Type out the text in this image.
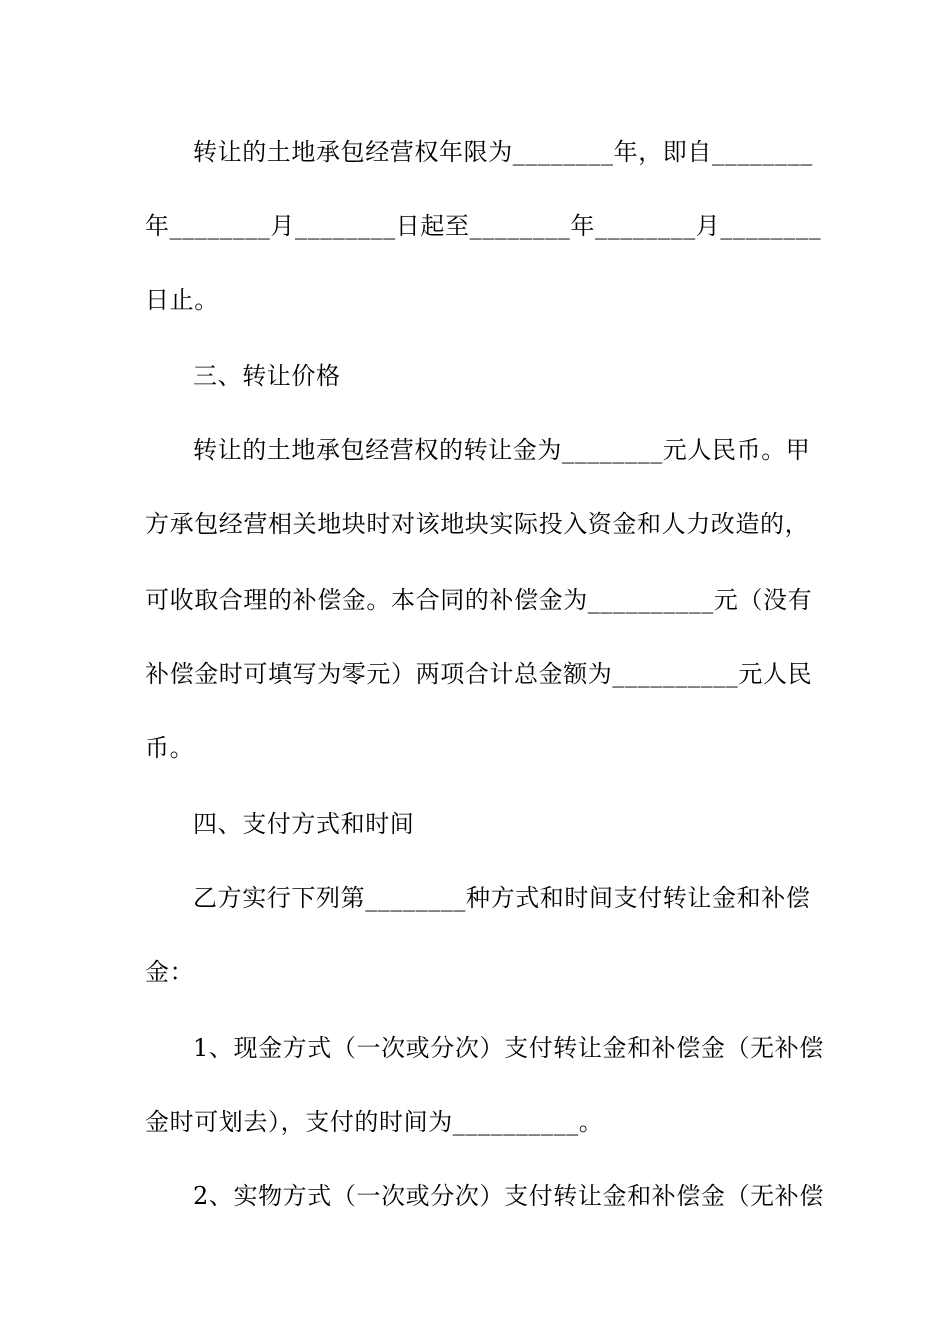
转让的土地承包经营权年限为________年，即自________
年________月________日起至________年________月________
日止。
三、转让价格
转让的土地承包经营权的转让金为________元人民币。甲
方承包经营相关地块时对该地块实际投入资金和人力改造的，
可收取合理的补偿金。本合同的补偿金为__________元（没有
补偿金时可填写为零元）两项合计总金额为__________元人民
币。
四、支付方式和时间
乙方实行下列第________种方式和时间支付转让金和补偿
金：
1、现金方式（一次或分次）支付转让金和补偿金（无补偿
金时可划去），支付的时间为__________。
2、实物方式（一次或分次）支付转让金和补偿金（无补偿
